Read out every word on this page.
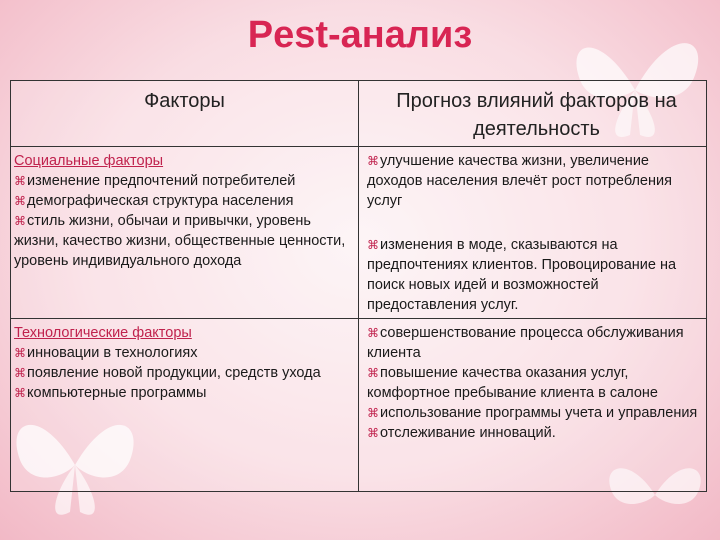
Pest-анализ
Факторы	Прогноз влияний факторов на деятельность
Социальные факторы
⌘изменение предпочтений потребителей
⌘демографическая структура населения
⌘стиль жизни, обычаи и привычки, уровень жизни, качество жизни, общественные ценности, уровень индивидуального дохода
⌘улучшение качества жизни, увеличение доходов населения влечёт рост потребления услуг
⌘изменения в моде, сказываются на предпочтениях клиентов. Провоцирование на поиск новых идей и возможностей предоставления услуг.
Технологические факторы
⌘инновации в технологиях
⌘появление новой продукции, средств ухода
⌘компьютерные программы
⌘совершенствование процесса обслуживания клиента
⌘повышение качества оказания услуг, комфортное пребывание клиента в салоне
⌘использование программы учета и управления
⌘отслеживание инноваций.
